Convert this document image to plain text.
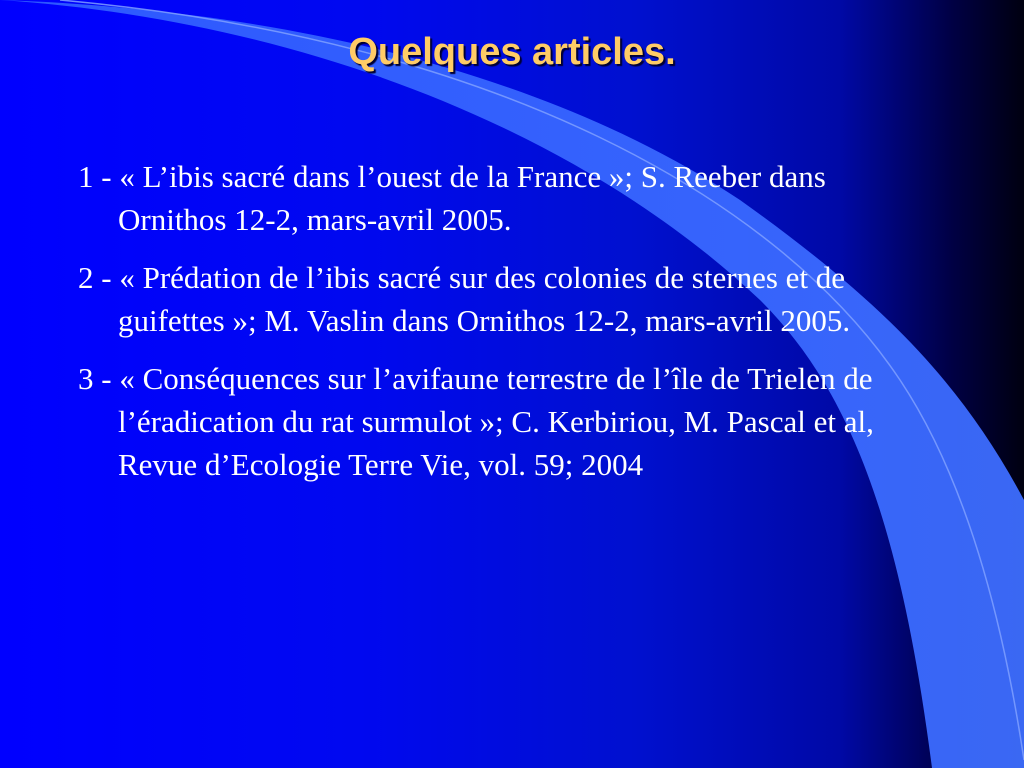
Quelques articles.
1 - « L’ibis sacré dans l’ouest de la France »; S. Reeber dans Ornithos 12-2, mars-avril 2005.
2 - « Prédation de l’ibis sacré sur des colonies de sternes et de guifettes »; M. Vaslin dans Ornithos 12-2, mars-avril 2005.
3 - « Conséquences sur l’avifaune terrestre de l’île de Trielen de l’éradication du rat surmulot »; C. Kerbiriou, M. Pascal et al, Revue d’Ecologie Terre Vie, vol. 59; 2004
